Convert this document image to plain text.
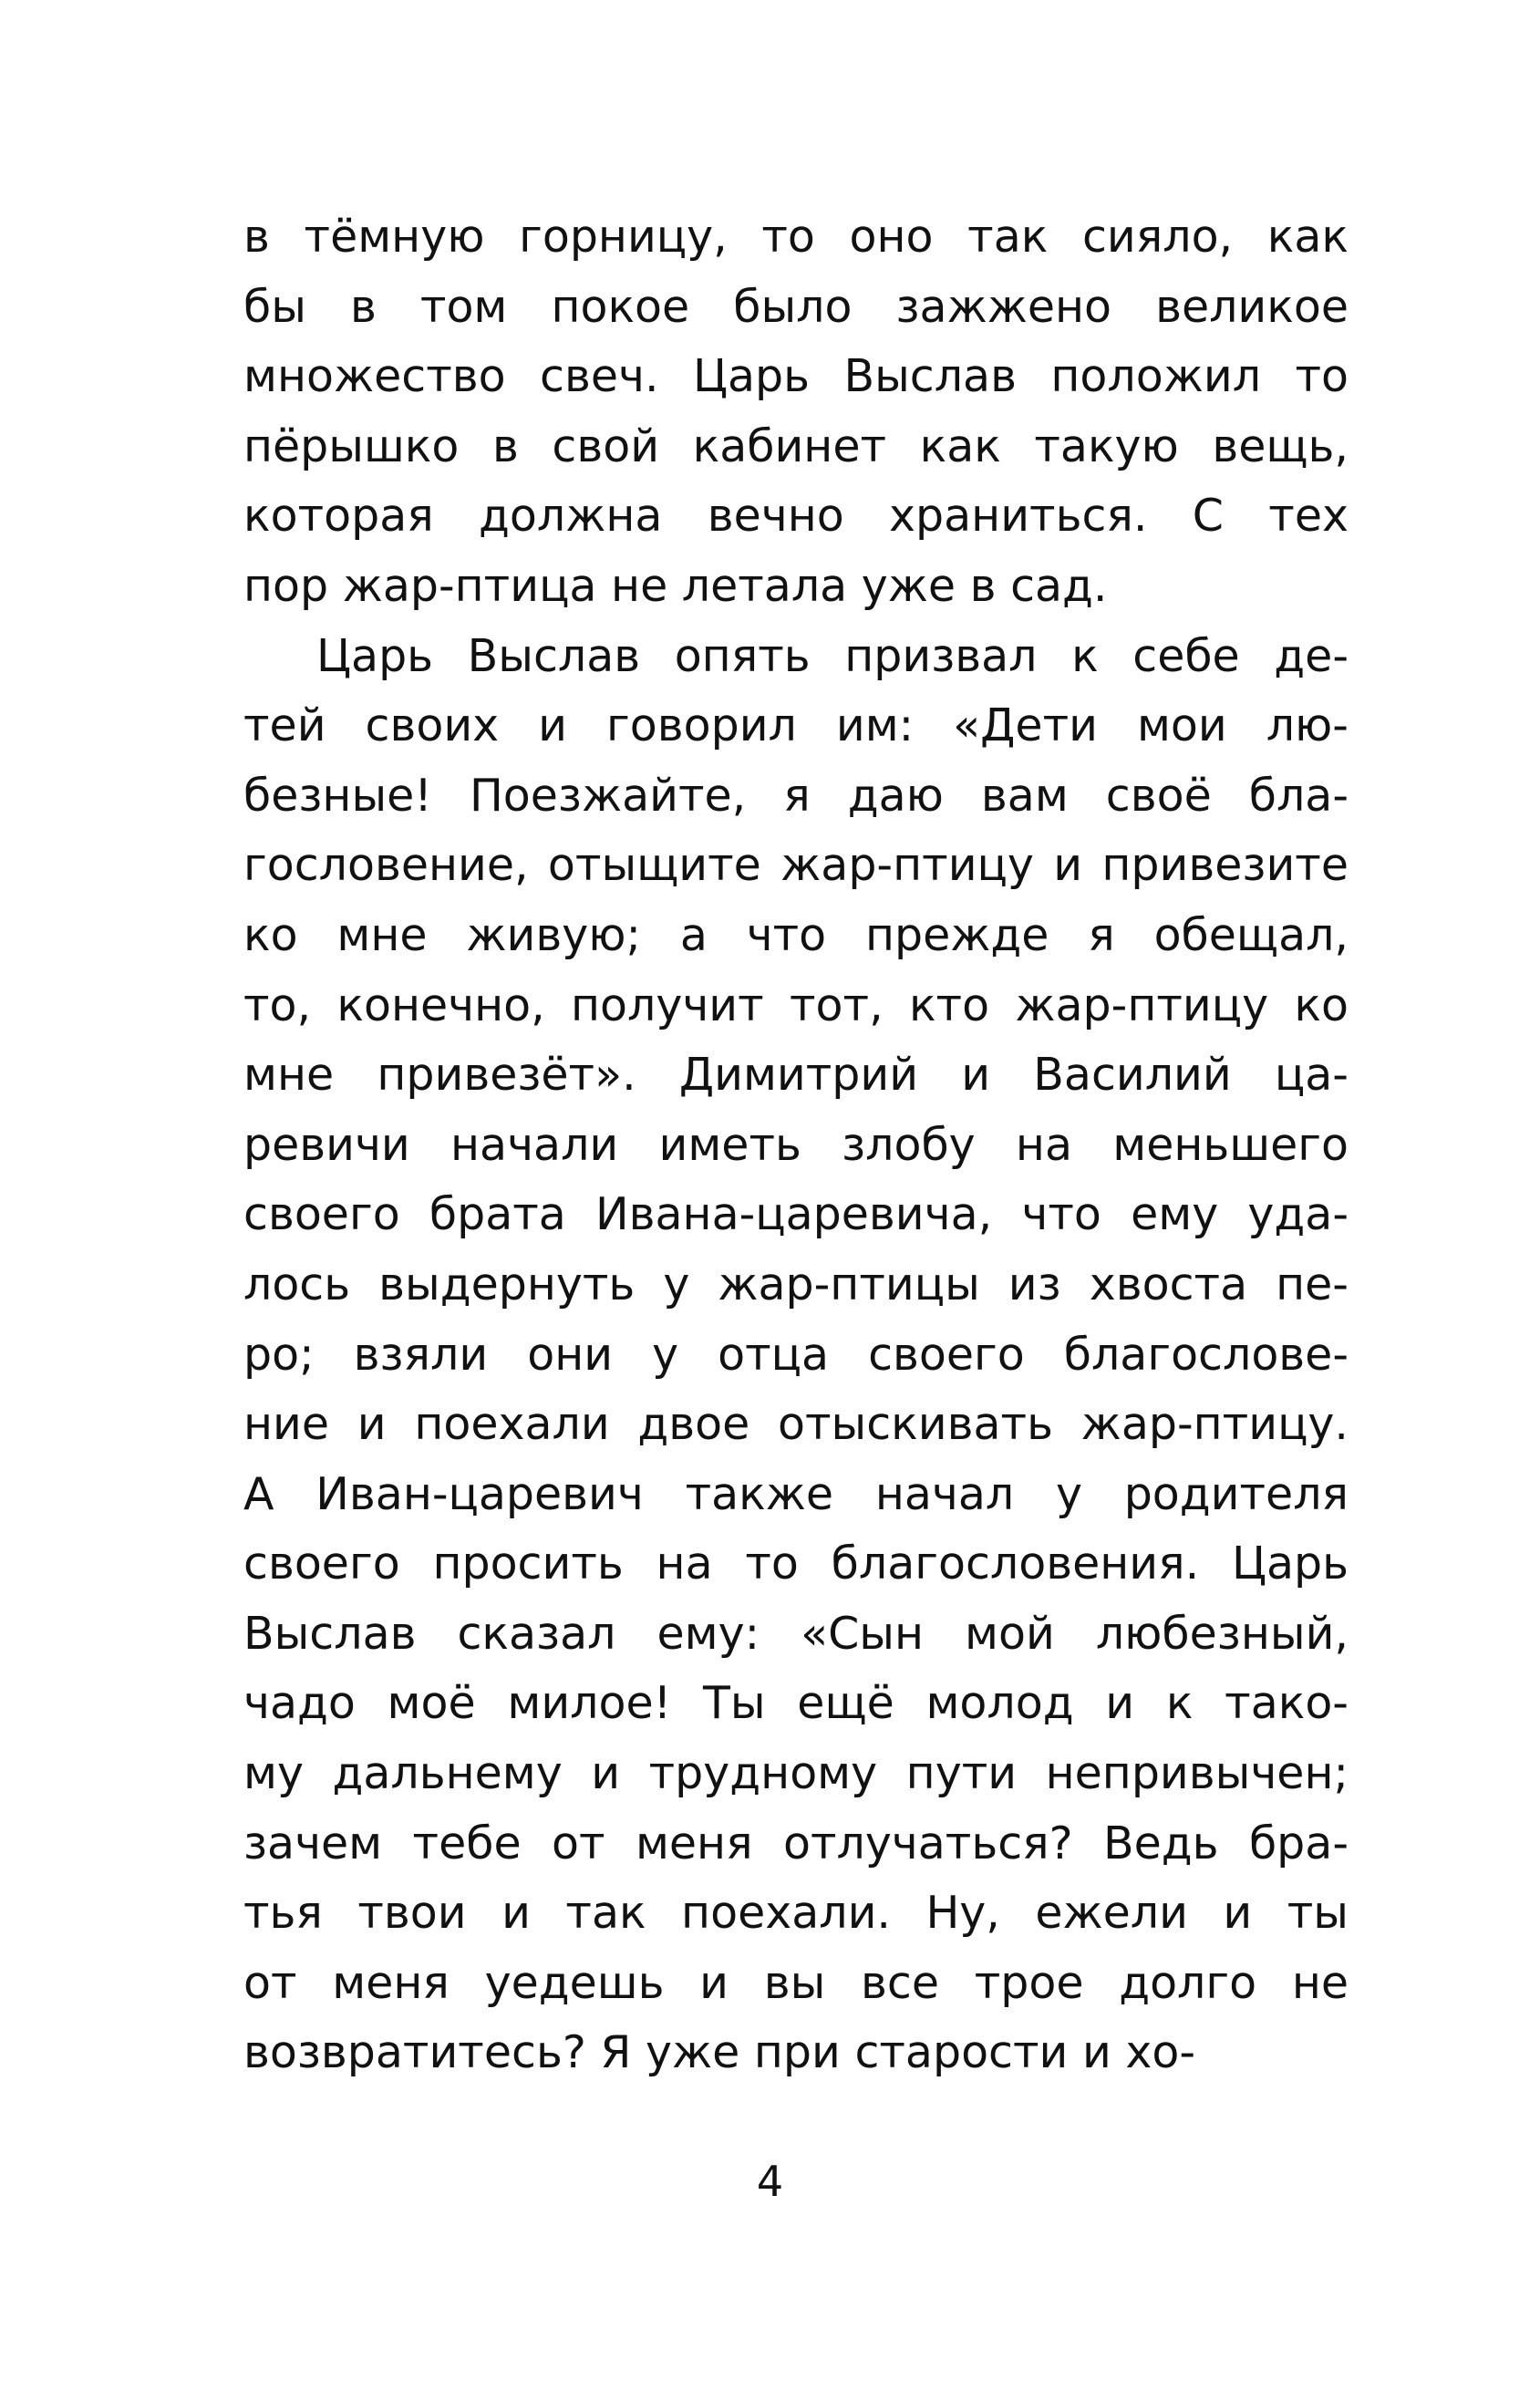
в тёмную горницу, то оно так сияло, как
бы в том покое было зажжено великое
множество свеч. Царь Выслав положил то
пёрышко в свой кабинет как такую вещь,
которая должна вечно храниться. С тех
пор жар-птица не летала уже в сад.
Царь Выслав опять призвал к себе де-
тей своих и говорил им: «Дети мои лю-
безные! Поезжайте, я даю вам своё бла-
гословение, отыщите жар-птицу и привезите
ко мне живую; а что прежде я обещал,
то, конечно, получит тот, кто жар-птицу ко
мне привезёт». Димитрий и Василий ца-
ревичи начали иметь злобу на меньшего
своего брата Ивана-царевича, что ему уда-
лось выдернуть у жар-птицы из хвоста пе-
ро; взяли они у отца своего благослове-
ние и поехали двое отыскивать жар-птицу.
А Иван-царевич также начал у родителя
своего просить на то благословения. Царь
Выслав сказал ему: «Сын мой любезный,
чадо моё милое! Ты ещё молод и к тако-
му дальнему и трудному пути непривычен;
зачем тебе от меня отлучаться? Ведь бра-
тья твои и так поехали. Ну, ежели и ты
от меня уедешь и вы все трое долго не
возвратитесь? Я уже при старости и хо-
4
